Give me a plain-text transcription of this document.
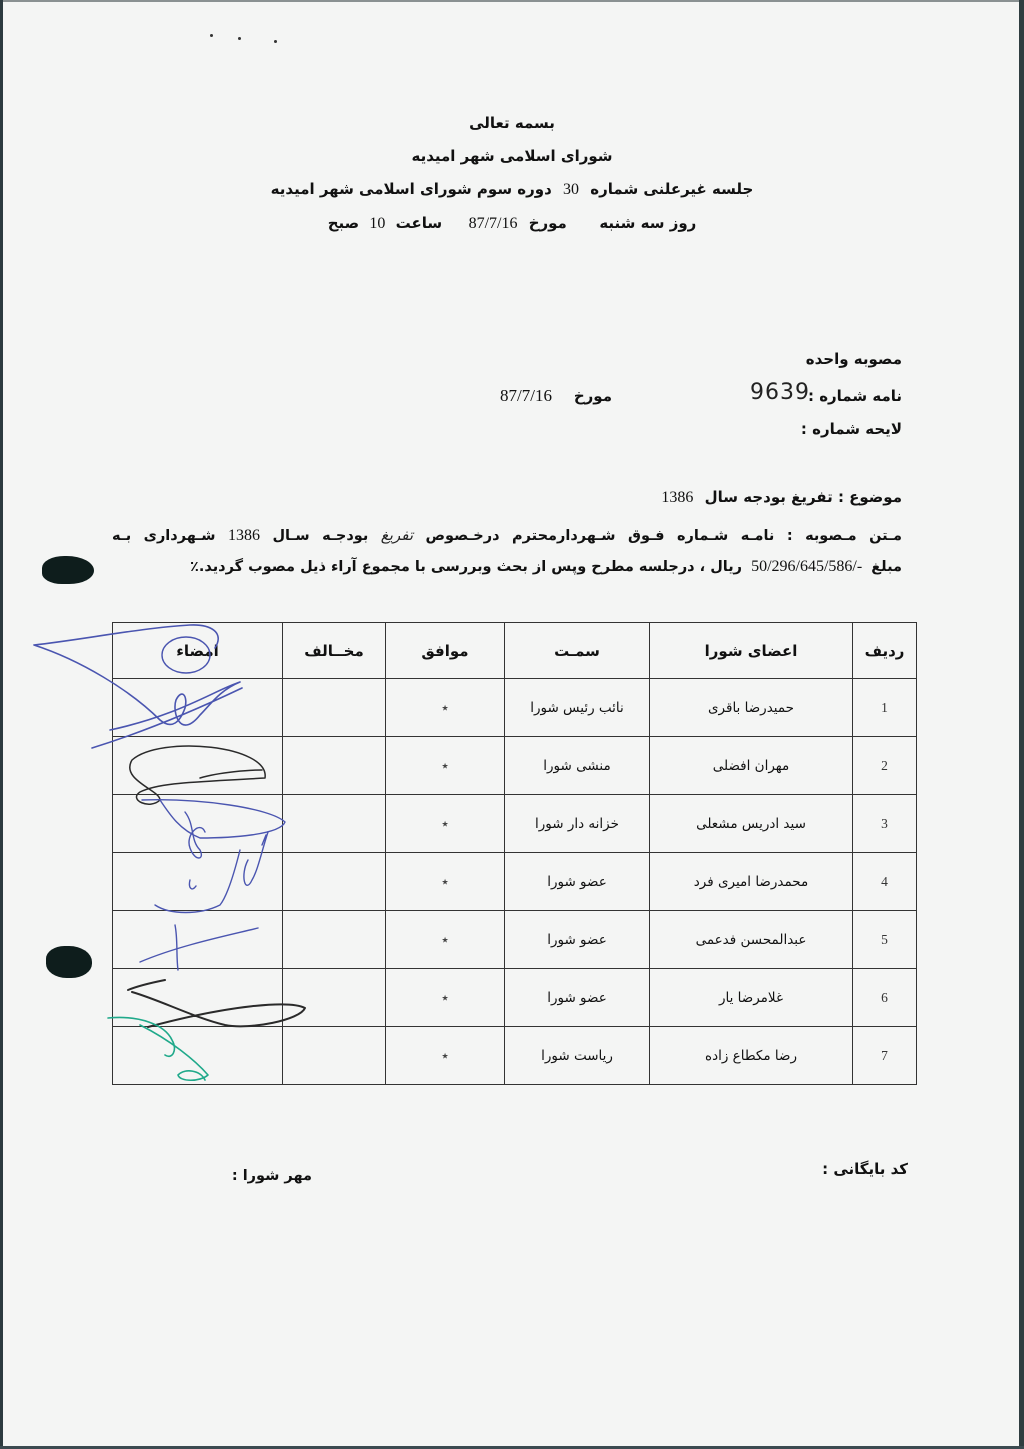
بسمه تعالی
شورای اسلامی شهر امیدیه
جلسه غیرعلنی شماره 30 دوره سوم شورای اسلامی شهر امیدیه
روز سه شنبه  مورخ 87/7/16  ساعت 10 صبح
مصوبه واحده
نامه شماره :
9639
مورخ
87/7/16
لایحه شماره :
موضوع : تفریغ بودجه سال 1386
مـتن مـصوبه : نامـه شـماره فـوق شـهردارمحترم درخـصوص تفریغ بودجـه سـال 1386 شـهرداری بـه
مبلغ 50/296/645/586/- ریال ، درجلسه مطرح وپس از بحث وبررسی با مجموع آراء ذیل مصوب گردید.٪
ردیف	اعضای شورا	سمـت	موافق	مخــالف	امضاء
1	حمیدرضا باقری	نائب رئیس شورا	٭		
2	مهران افضلی	منشی شورا	٭		
3	سید ادریس مشعلی	خزانه دار شورا	٭		
4	محمدرضا امیری فرد	عضو شورا	٭		
5	عبدالمحسن فدعمی	عضو شورا	٭		
6	غلامرضا یار	عضو شورا	٭		
7	رضا مکطاع زاده	ریاست شورا	٭		
کد بایگانی :
مهر شورا :
